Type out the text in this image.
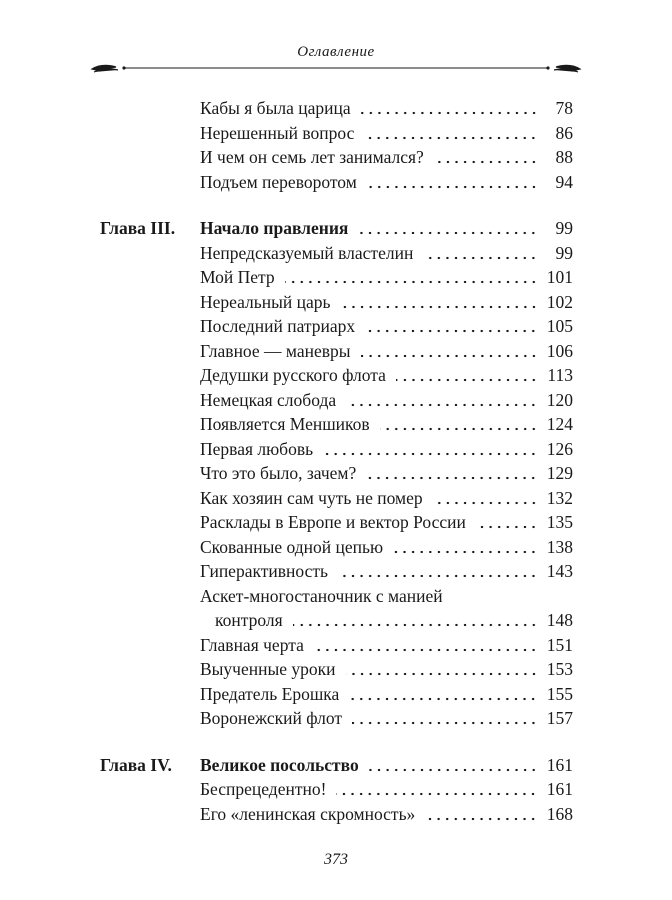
Оглавление
Кабы я была царица	78
Нерешенный вопрос	86
И чем он семь лет занимался?	88
Подъем переворотом	94
Глава III.	Начало правления	99
Непредсказуемый властелин	99
Мой Петр	101
Нереальный царь	102
Последний патриарх	105
Главное — маневры	106
Дедушки русского флота	113
Немецкая слобода	120
Появляется Меншиков	124
Первая любовь	126
Что это было, зачем?	129
Как хозяин сам чуть не помер	132
Расклады в Европе и вектор России	135
Скованные одной цепью	138
Гиперактивность	143
Аскет-многостаночник с манией
контроля	148
Главная черта	151
Выученные уроки	153
Предатель Ерошка	155
Воронежский флот	157
Глава IV.	Великое посольство	161
Беспрецедентно!	161
Его «ленинская скромность»	168
373
